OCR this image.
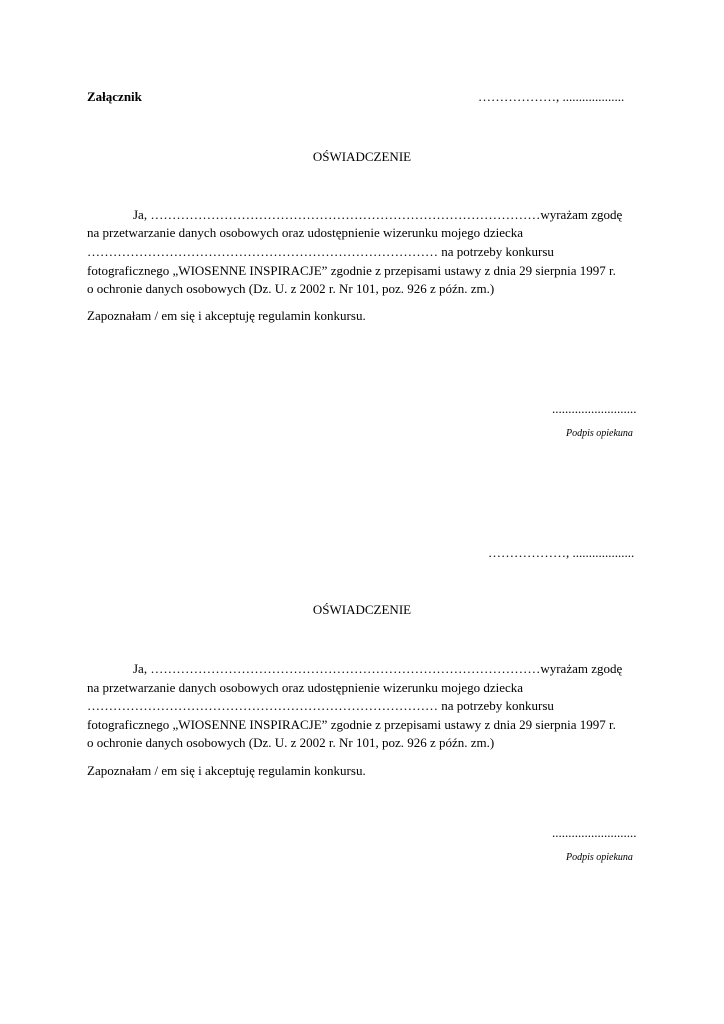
Załącznik	………………, ...................
OŚWIADCZENIE
Ja, ………………………………………………………………………………wyrażam zgodę
na przetwarzanie danych osobowych oraz udostępnienie wizerunku mojego dziecka
……………………………………………………………………… na potrzeby konkursu
fotograficznego „WIOSENNE INSPIRACJE” zgodnie z przepisami ustawy z dnia 29 sierpnia 1997 r.
o ochronie danych osobowych (Dz. U. z 2002 r. Nr 101, poz. 926 z późn. zm.)
Zapoznałam / em się i akceptuję regulamin konkursu.
..........................
Podpis opiekuna
………………, ...................
OŚWIADCZENIE
Ja, ………………………………………………………………………………wyrażam zgodę
na przetwarzanie danych osobowych oraz udostępnienie wizerunku mojego dziecka
……………………………………………………………………… na potrzeby konkursu
fotograficznego „WIOSENNE INSPIRACJE” zgodnie z przepisami ustawy z dnia 29 sierpnia 1997 r.
o ochronie danych osobowych (Dz. U. z 2002 r. Nr 101, poz. 926 z późn. zm.)
Zapoznałam / em się i akceptuję regulamin konkursu.
..........................
Podpis opiekuna
